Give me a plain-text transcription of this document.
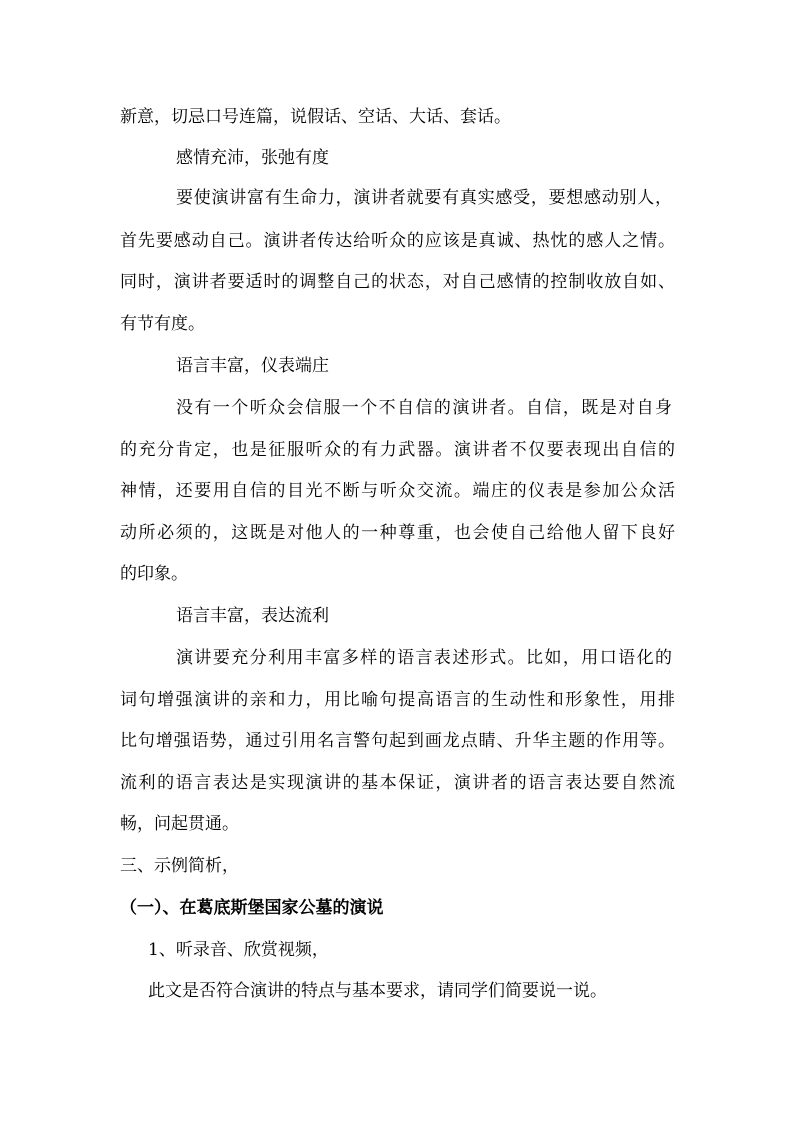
新意，切忌口号连篇，说假话、空话、大话、套话。

感情充沛，张弛有度

要使演讲富有生命力，演讲者就要有真实感受，要想感动别人，

首先要感动自己。演讲者传达给听众的应该是真诚、热忱的感人之情。

同时，演讲者要适时的调整自己的状态，对自己感情的控制收放自如、

有节有度。

语言丰富，仪表端庄

没有一个听众会信服一个不自信的演讲者。自信，既是对自身

的充分肯定，也是征服听众的有力武器。演讲者不仅要表现出自信的

神情，还要用自信的目光不断与听众交流。端庄的仪表是参加公众活

动所必须的，这既是对他人的一种尊重，也会使自己给他人留下良好

的印象。

语言丰富，表达流利

演讲要充分利用丰富多样的语言表述形式。比如，用口语化的

词句增强演讲的亲和力，用比喻句提高语言的生动性和形象性，用排

比句增强语势，通过引用名言警句起到画龙点睛、升华主题的作用等。

流利的语言表达是实现演讲的基本保证，演讲者的语言表达要自然流

畅，问起贯通。

三、示例简析，

（一）、在葛底斯堡国家公墓的演说

1、听录音、欣赏视频，

此文是否符合演讲的特点与基本要求，请同学们简要说一说。
